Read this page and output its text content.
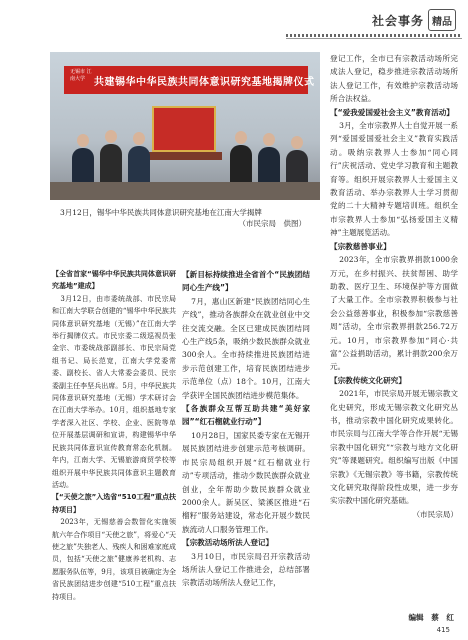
社会事务 精品
无锡市 江南大学 共建锡华中华民族共同体意识研究基地揭牌仪式
3月12日，锡华中华民族共同体意识研究基地在江南大学揭牌
（市民宗局　供图）

【全省首家“锡华中华民族共同体意识研究基地”建成】

3月12日，由市委统战部、市民宗局和江南大学联合创建的“锡华中华民族共同体意识研究基地（无锡）”在江南大学举行揭牌仪式。市民宗委二级巡视员张金宗、市委统战部副部长、市民宗局党组书记、局长范宽，江南大学党委常委、副校长、省人大常委会委员、民宗委副主任李坚兵出席。5月，中华民族共同体意识研究基地（无锡）学术研讨会在江南大学举办。10月，组织基地专家学者深入社区、学校、企业、医院等单位开展基层调研和宣讲，构建锡华中华民族共同体意识宣传教育常态化机制。年内，江南大学、无锡旅游商贸学校等组织开展中华民族共同体意识主题教育活动。

【“天使之旅”入选省“510工程”重点扶持项目】

2023年，无锡慈善会数智化实施领航六年合作项目“天使之旅”，将爱心“天使之旅”失独老人、残疾人和困难家庭成员，包括“天使之旅”健康养老机构、志愿服务队伍等，9月，该项目被确定为全省民族团结进步创建“510工程”重点扶持项目。

【新目标持续推进全省首个“民族团结同心生产线”】

7月，惠山区新建“民族团结同心生产线”，推动各族群众在就业创业中交往交流交融。全区已建成民族团结同心生产线5条，吸纳少数民族群众就业300余人。全市持续推进民族团结进步示范创建工作，培育民族团结进步示范单位（点）18个。10月，江南大学获评全国民族团结进步模范集体。

【各族群众互帮互助共建“美好家园”“红石榴就业行动”】

10月28日，国家民委专家在无锡开展民族团结进步创建示范考核调研。市民宗局组织开展“红石榴就业行动”专项活动，推动少数民族群众就业创业，全年帮助少数民族群众就业2000余人。新吴区、梁溪区推进“石榴籽”服务站建设，常态化开展少数民族流动人口服务管理工作。

【宗教活动场所法人登记】

3月10日，市民宗局召开宗教活动场所法人登记工作推进会，总结部署宗教活动场所法人登记工作，

登记工作，全市已有宗教活动场所完成法人登记，稳步推进宗教活动场所法人登记工作，有效维护宗教活动场所合法权益。

【“爱我爱国爱社会主义”教育活动】

3月，全市宗教界人士自觉开展一系列“爱国爱国爱社会主义”教育实践活动。吸纳宗教界人士参加“同心同行”庆祝活动、党史学习教育和主题教育等。组织开展宗教界人士爱国主义教育活动、举办宗教界人士学习贯彻党的二十大精神专题培训班。组织全市宗教界人士参加“弘扬爱国主义精神”主题展览活动。

【宗教慈善事业】

2023年，全市宗教界捐款1000余万元，在乡村振兴、扶贫帮困、助学助教、医疗卫生、环境保护等方面做了大量工作。全市宗教界积极参与社会公益慈善事业，积极参加“宗教慈善周”活动，全市宗教界捐款256.72万元。10月，市宗教界参加“同心·共富”公益捐助活动，累计捐款200余万元。

【宗教传统文化研究】

2021年，市民宗局开展无锡宗教文化史研究，形成无锡宗教文化研究丛书，推动宗教中国化研究成果转化。市民宗局与江南大学等合作开展“无锡宗教中国化研究”“宗教与地方文化研究”等课题研究。组织编写出版《中国宗教》《无锡宗教》等书籍，宗教传统文化研究取得阶段性成果，进一步夯实宗教中国化研究基础。

（市民宗局）

编辑　蔡　红
415
